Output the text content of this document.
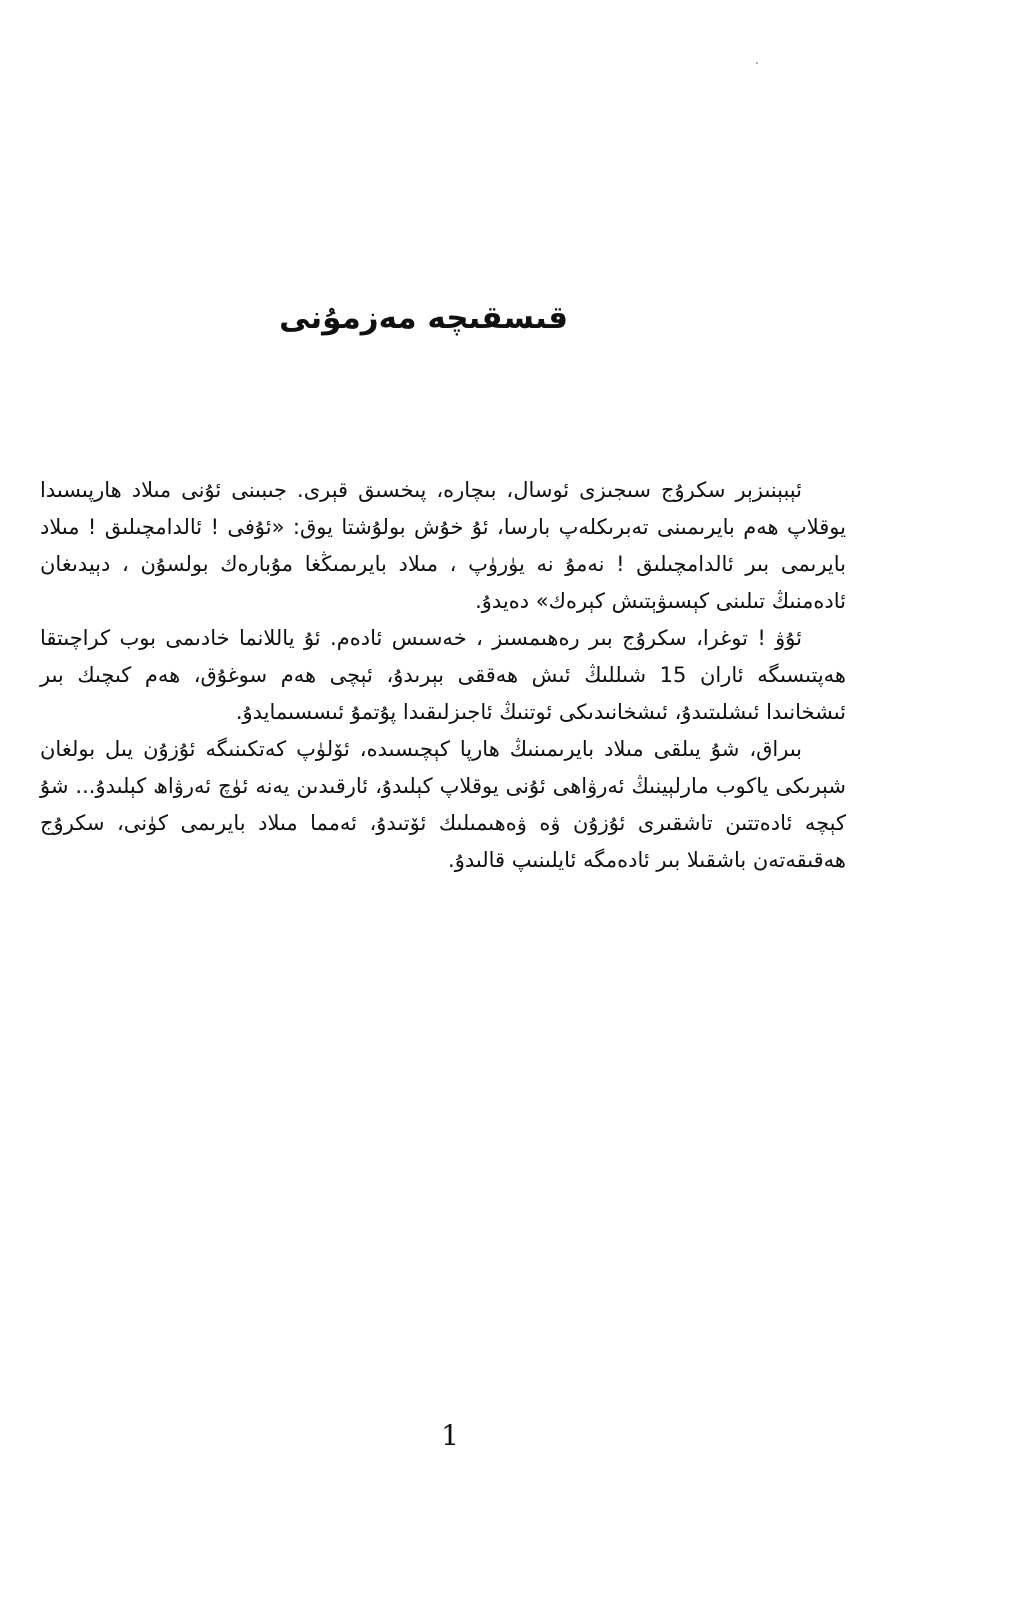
قىسقىچە مەزمۇنى

ئېبېنىزېر سكرۇج سىجىزى ئوسال، بىچارە، پىخسىق قېرى. جىبىنى ئۇنى مىلاد ھارپىسىدا يوقلاپ ھەم بايرىمىنى تەبرىكلەپ بارسا، ئۇ خۇش بولۇشتا يوق: «ئۇفى ! ئالدامچىلىق ! مىلاد بايرىمى بىر ئالدامچىلىق ! نەمۇ نە يۈرۈپ ، مىلاد بايرىمىڭغا مۇبارەك بولسۇن ، دېيدىغان ئادەمنىڭ تىلىنى كېسىۋېتىش كېرەك» دەيدۇ.

ئۇۋ ! توغرا، سكرۇج بىر رەھىمسىز ، خەسىس ئادەم. ئۇ ياللانما خادىمى بوب كراچىتقا ھەپتىسىگە ئاران 15 شىللىڭ ئىش ھەققى بېرىدۇ، ئېچى ھەم سوغۇق، ھەم كىچىك بىر ئىشخانىدا ئىشلىتىدۇ، ئىشخانىدىكى ئوتنىڭ ئاجىزلىقىدا پۇتمۇ ئىسسىمايدۇ.

بىراق، شۇ يىلقى مىلاد بايرىمىنىڭ ھارپا كېچىسىدە، ئۆلۈپ كەتكىنىگە ئۇزۇن يىل بولغان شېرىكى ياكوب مارلېينىڭ ئەرۋاھى ئۇنى يوقلاپ كېلىدۇ، ئارقىدىن يەنە ئۈچ ئەرۋاھ كېلىدۇ... شۇ كېچە ئادەتتىن تاشقىرى ئۇزۇن ۋە ۋەھىمىلىك ئۆتىدۇ، ئەمما مىلاد بايرىمى كۈنى، سكرۇج ھەقىقەتەن باشقىلا بىر ئادەمگە ئايلىنىپ قالىدۇ.

1
